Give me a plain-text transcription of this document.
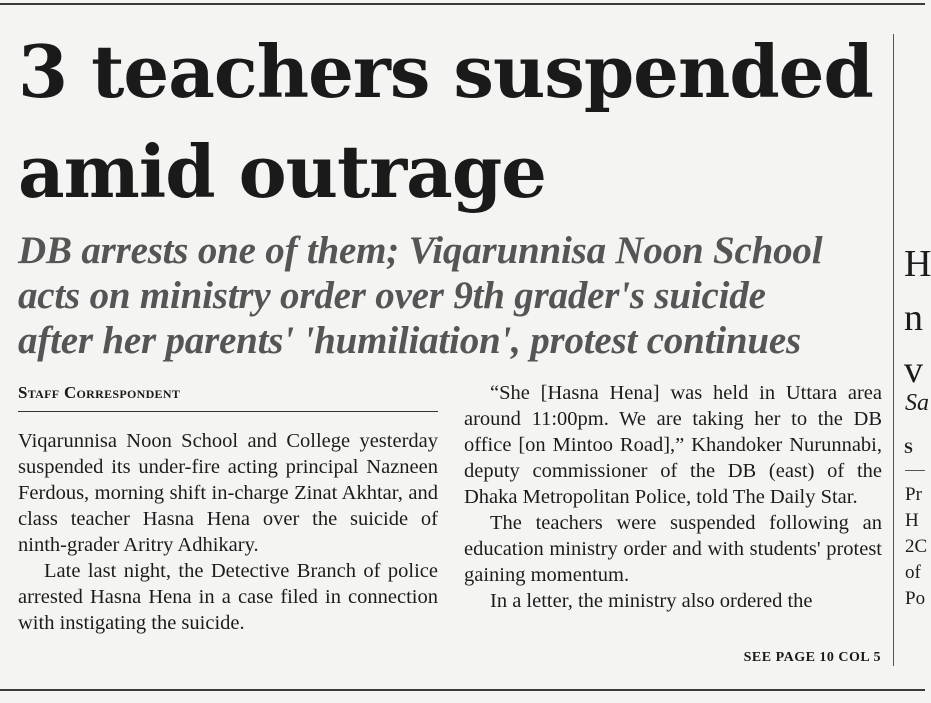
3 teachers suspended
amid outrage
DB arrests one of them; Viqarunnisa Noon School
acts on ministry order over 9th grader's suicide
after her parents' 'humiliation', protest continues
Staff Correspondent

Viqarunnisa Noon School and College yesterday suspended its under-fire acting principal Nazneen Ferdous, morning shift in-charge Zinat Akhtar, and class teacher Hasna Hena over the suicide of ninth-grader Aritry Adhikary.

Late last night, the Detective Branch of police arrested Hasna Hena in a case filed in connection with instigating the suicide.

“She [Hasna Hena] was held in Uttara area around 11:00pm. We are taking her to the DB office [on Mintoo Road],” Khandoker Nurunnabi, deputy commissioner of the DB (east) of the Dhaka Metropolitan Police, told The Daily Star.

The teachers were suspended following an education ministry order and with students' protest gaining momentum.

In a letter, the ministry also ordered the

SEE PAGE 10 COL 5
H
n
v
Sa
S
Pr
H
2C
of
Po
